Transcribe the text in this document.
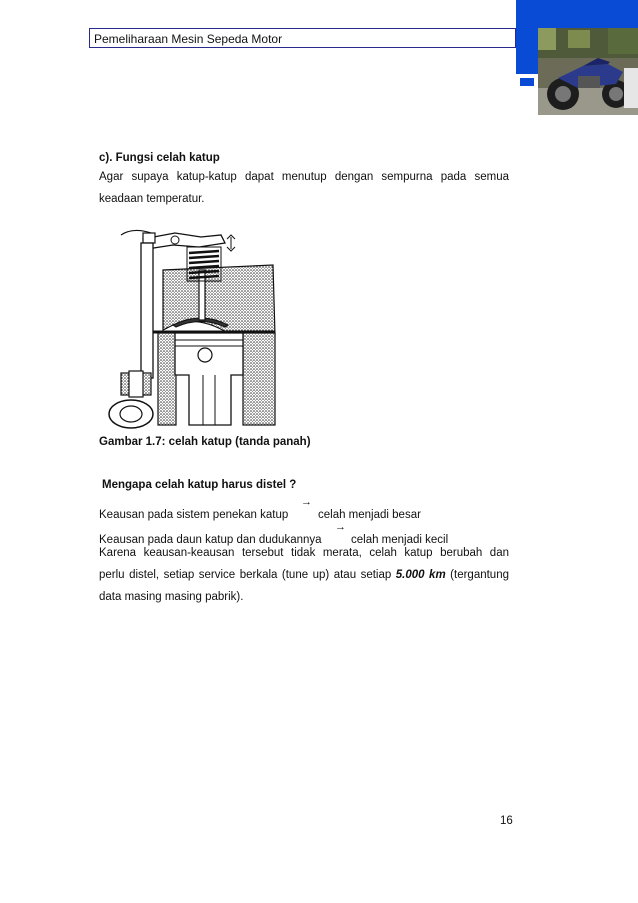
Pemeliharaan Mesin Sepeda Motor
c). Fungsi celah katup
Agar supaya katup-katup dapat menutup dengan sempurna pada semua
keadaan temperatur.
Gambar 1.7: celah katup (tanda panah)
Mengapa celah katup harus distel ?
Keausan pada sistem penekan katup
→
celah menjadi besar
Keausan pada daun katup dan dudukannya
→
celah menjadi kecil
Karena keausan-keausan tersebut tidak merata, celah katup berubah dan
perlu distel, setiap service berkala (tune up) atau setiap 5.000 km (tergantung
data masing masing pabrik).
16
